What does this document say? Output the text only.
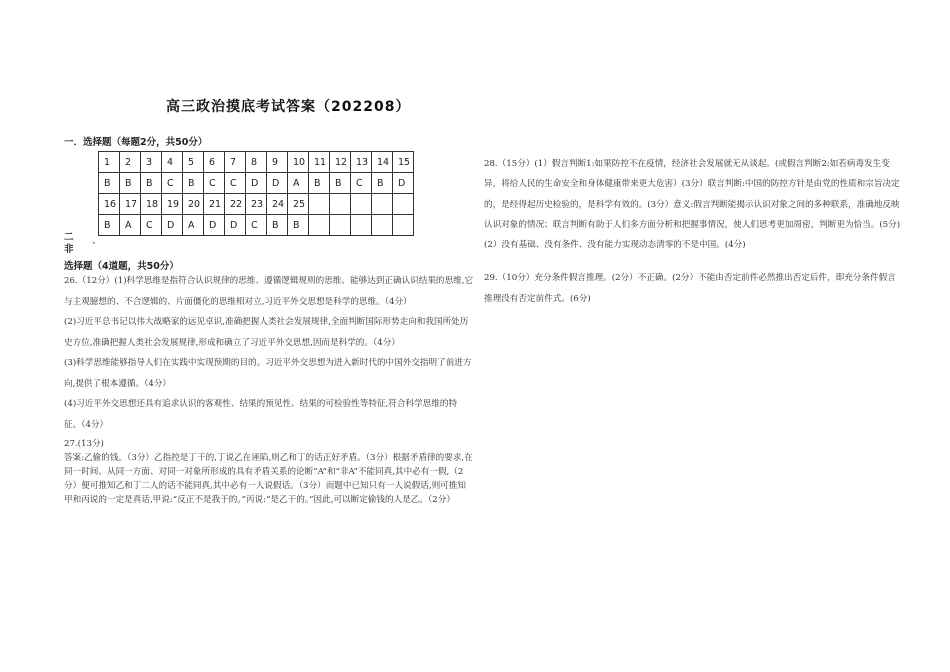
高三政治摸底考试答案（202208）
一．选择题（每题2分，共50分）
1	2	3	4	5	6	7	8	9	10	11	12	13	14	15
B	B	B	C	B	C	C	D	D	A	B	B	C	B	D
16	17	18	19	20	21	22	23	24	25					
B	A	C	D	A	D	D	C	B	B					
二 、
非
选择题（4道题，共50分）

26.（12分）(1)科学思维是指符合认识规律的思维、遵循逻辑规则的思维、能够达到正确认识结果的思维,它与主观臆想的、不合逻辑的、片面僵化的思维相对立,习近平外交思想是科学的思维。（4分）

(2)习近平总书记以伟大战略家的远见卓识,准确把握人类社会发展规律,全面判断国际形势走向和我国所处历史方位,准确把握人类社会发展规律,形成和确立了习近平外交思想,因而是科学的。（4分）

(3)科学思维能够指导人们在实践中实现预期的目的。习近平外交思想为进入新时代的中国外交指明了前进方向,提供了根本遵循。（4分）

(4)习近平外交思想还具有追求认识的客观性、结果的预见性、结果的可检验性等特征,符合科学思维的特征。（4分）

27.(13分)

答案:乙偷的钱。（3分）乙指控是丁干的,丁说乙在诬陷,则乙和丁的话正好矛盾。（3分）根据矛盾律的要求,在同一时间、从同一方面、对同一对象所形成的具有矛盾关系的论断“A”和“非A”不能同真,其中必有一假,（2分）便可推知乙和丁二人的话不能同真,其中必有一人说假话。（3分）而题中已知只有一人说假话,则可推知甲和丙说的一定是真话,甲说:“反正不是我干的。”丙说:“是乙干的。”因此,可以断定偷钱的人是乙。（2分）

28.（15分）(1）假言判断1:如果防控不在疫情，经济社会发展就无从谈起。(或假言判断2:如若病毒发生变异，将给人民的生命安全和身体健康带来更大危害）(3分）联言判断:中国的防控方针是由党的性质和宗旨决定的，是经得起历史检验的，是科学有效的。(3分）意义:假言判断能揭示认识对象之间的多种联系，准确地反映认识对象的情况；联言判断有助于人们多方面分析和把握事情况，使人们思考更加周密，判断更为恰当。(5分)

(2）没有基础、没有条件、没有能力实现动态清零的不是中国。(4分)

29.（10分）充分条件假言推理。(2分）不正确。(2分）不能由否定前件必然推出否定后件，即充分条件假言推理没有否定前件式。(6分)
